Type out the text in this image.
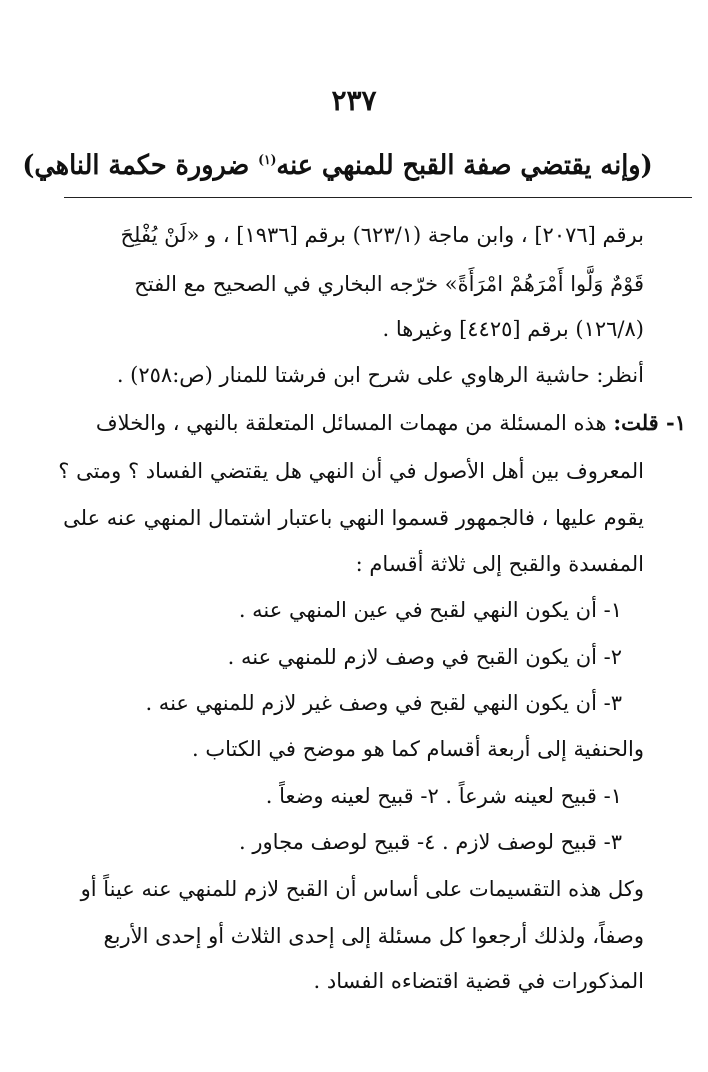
٢٣٧
(وإنه يقتضي صفة القبح للمنهي عنه$^{(١)}$ ضرورة حكمة الناهي)
برقم [٢٠٧٦] ، وابن ماجة (٦٢٣/١) برقم [١٩٣٦] ، و «لَنْ يُفْلِحَ
قَوْمٌ وَلَّوا أَمْرَهُمْ امْرَأَةً» خرّجه البخاري في الصحيح مع الفتح
(١٢٦/٨) برقم [٤٤٢٥] وغيرها .
أنظر: حاشية الرهاوي على شرح ابن فرشتا للمنار (ص:٢٥٨) .
١- قلت: هذه المسئلة من مهمات المسائل المتعلقة بالنهي ، والخلاف
المعروف بين أهل الأصول في أن النهي هل يقتضي الفساد ؟ ومتى ؟
يقوم عليها ، فالجمهور قسموا النهي باعتبار اشتمال المنهي عنه على
المفسدة والقبح إلى ثلاثة أقسام :
١- أن يكون النهي لقبح في عين المنهي عنه .
٢- أن يكون القبح في وصف لازم للمنهي عنه .
٣- أن يكون النهي لقبح في وصف غير لازم للمنهي عنه .
والحنفية إلى أربعة أقسام كما هو موضح في الكتاب .
١- قبيح لعينه شرعاً . ٢- قبيح لعينه وضعاً .
٣- قبيح لوصف لازم . ٤- قبيح لوصف مجاور .
وكل هذه التقسيمات على أساس أن القبح لازم للمنهي عنه عيناً أو
وصفاً، ولذلك أرجعوا كل مسئلة إلى إحدى الثلاث أو إحدى الأربع
المذكورات في قضية اقتضاءه الفساد .
